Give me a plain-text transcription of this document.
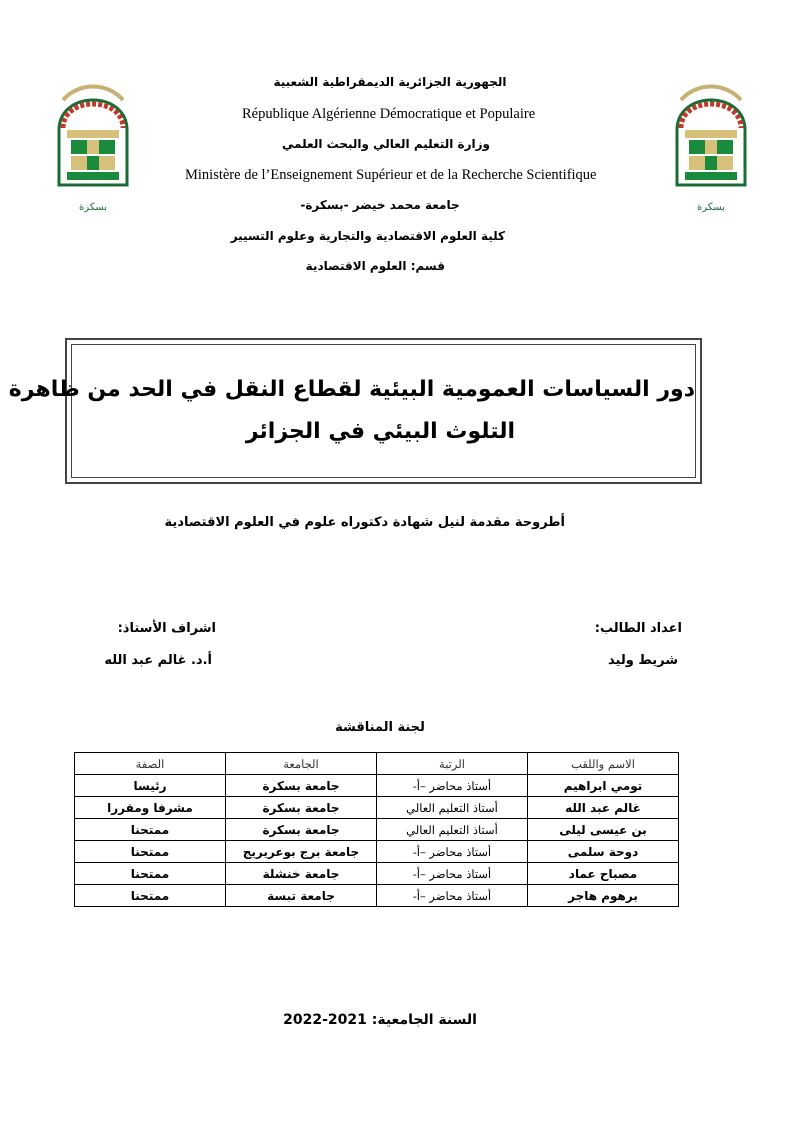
بسكرة	بسكرة
الجهورية الجزائرية الديمقراطية الشعبية
République Algérienne Démocratique et Populaire
وزارة التعليم العالي والبحث العلمي
Ministère de l’Enseignement Supérieur et de la Recherche Scientifique
جامعة محمد خيضر -بسكرة-
كلية العلوم الاقتصادية والتجارية وعلوم التسيير
قسم: العلوم الاقتصادية
دور السياسات العمومية البيئية لقطاع النقل في الحد من ظاهرة
التلوث البيئي في الجزائر
أطروحة مقدمة لنيل شهادة دكتوراه علوم في العلوم الاقتصادية
اعداد الطالب:
شريط وليد
اشراف الأستاذ:
أ.د. غالم عبد الله
لجنة المناقشة
الاسم واللقب	الرتبة	الجامعة	الصفة
تومي ابراهيم	أستاذ محاضر –أ-	جامعة بسكرة	رئيسا
غالم عبد الله	أستاذ التعليم العالي	جامعة بسكرة	مشرفا ومقررا
بن عيسى ليلى	أستاذ التعليم العالي	جامعة بسكرة	ممتحنا
دوحة سلمى	أستاذ محاضر –أ-	جامعة برج بوعريريج	ممتحنا
مصباح عماد	أستاذ محاضر –أ-	جامعة خنشلة	ممتحنا
برهوم هاجر	أستاذ محاضر –أ-	جامعة تبسة	ممتحنا
السنة الجامعية: 2021-2022
